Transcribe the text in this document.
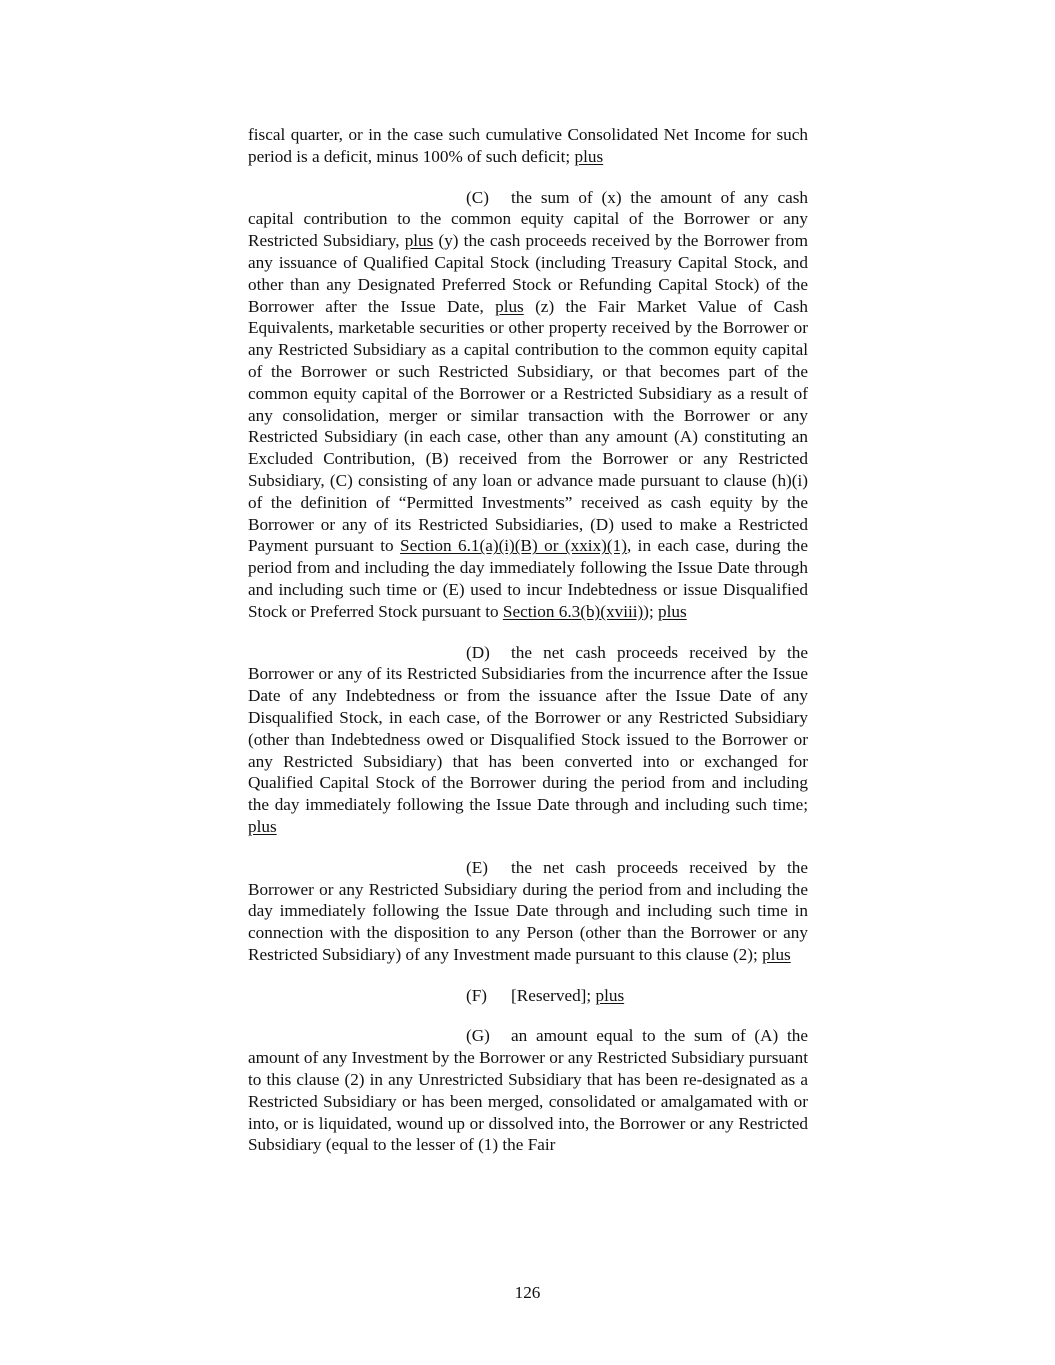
fiscal quarter, or in the case such cumulative Consolidated Net Income for such period is a deficit, minus 100% of such deficit; plus

(C) the sum of (x) the amount of any cash capital contribution to the common equity capital of the Borrower or any Restricted Subsidiary, plus (y) the cash proceeds received by the Borrower from any issuance of Qualified Capital Stock (including Treasury Capital Stock, and other than any Designated Preferred Stock or Refunding Capital Stock) of the Borrower after the Issue Date, plus (z) the Fair Market Value of Cash Equivalents, marketable securities or other property received by the Borrower or any Restricted Subsidiary as a capital contribution to the common equity capital of the Borrower or such Restricted Subsidiary, or that becomes part of the common equity capital of the Borrower or a Restricted Subsidiary as a result of any consolidation, merger or similar transaction with the Borrower or any Restricted Subsidiary (in each case, other than any amount (A) constituting an Excluded Contribution, (B) received from the Borrower or any Restricted Subsidiary, (C) consisting of any loan or advance made pursuant to clause (h)(i) of the definition of “Permitted Investments” received as cash equity by the Borrower or any of its Restricted Subsidiaries, (D) used to make a Restricted Payment pursuant to Section 6.1(a)(i)(B) or (xxix)(1), in each case, during the period from and including the day immediately following the Issue Date through and including such time or (E) used to incur Indebtedness or issue Disqualified Stock or Preferred Stock pursuant to Section 6.3(b)(xviii)); plus

(D) the net cash proceeds received by the Borrower or any of its Restricted Subsidiaries from the incurrence after the Issue Date of any Indebtedness or from the issuance after the Issue Date of any Disqualified Stock, in each case, of the Borrower or any Restricted Subsidiary (other than Indebtedness owed or Disqualified Stock issued to the Borrower or any Restricted Subsidiary) that has been converted into or exchanged for Qualified Capital Stock of the Borrower during the period from and including the day immediately following the Issue Date through and including such time; plus

(E) the net cash proceeds received by the Borrower or any Restricted Subsidiary during the period from and including the day immediately following the Issue Date through and including such time in connection with the disposition to any Person (other than the Borrower or any Restricted Subsidiary) of any Investment made pursuant to this clause (2); plus

(F) [Reserved]; plus

(G) an amount equal to the sum of (A) the amount of any Investment by the Borrower or any Restricted Subsidiary pursuant to this clause (2) in any Unrestricted Subsidiary that has been re-designated as a Restricted Subsidiary or has been merged, consolidated or amalgamated with or into, or is liquidated, wound up or dissolved into, the Borrower or any Restricted Subsidiary (equal to the lesser of (1) the Fair

126
